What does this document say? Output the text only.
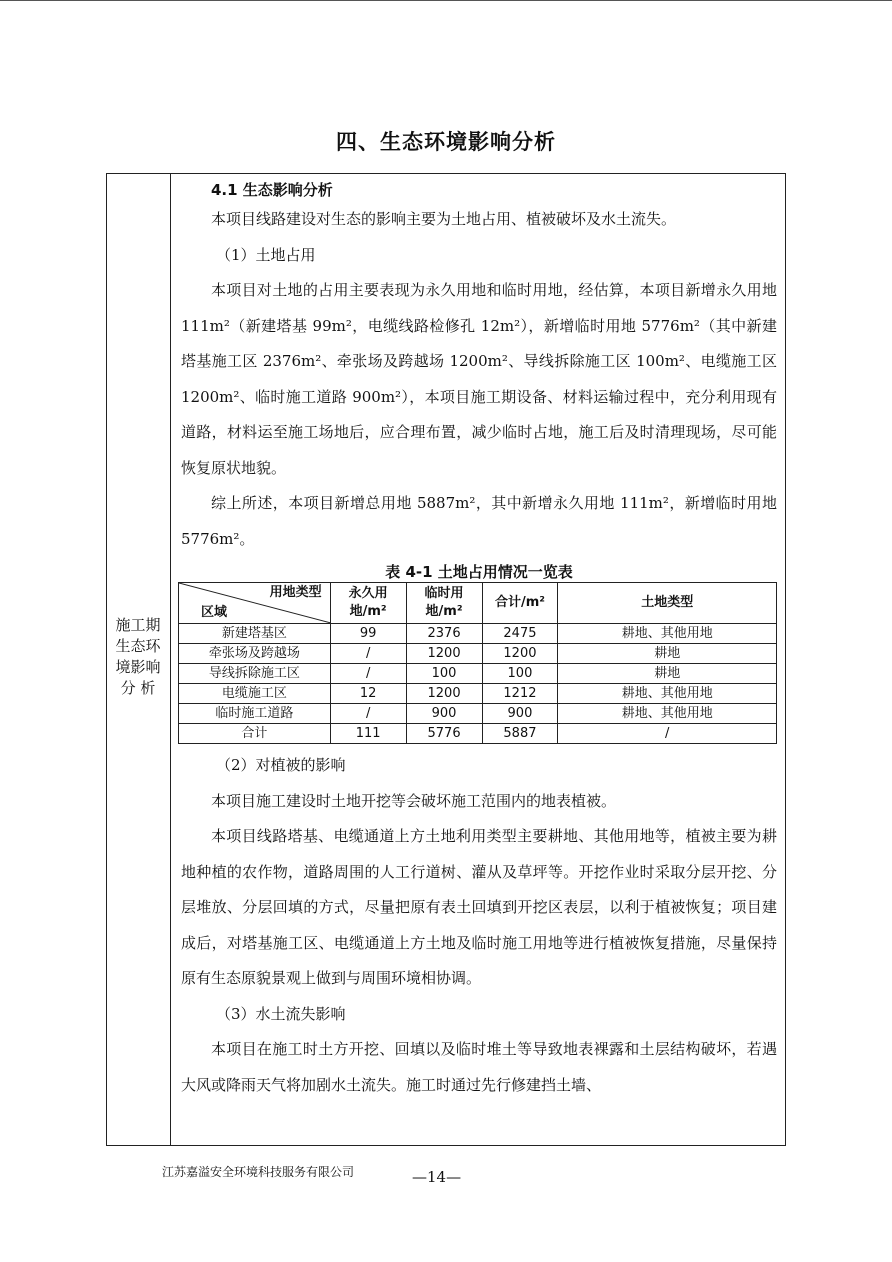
四、生态环境影响分析
施工期
生态环
境影响
分 析
4.1 生态影响分析

本项目线路建设对生态的影响主要为土地占用、植被破坏及水土流失。

（1）土地占用

本项目对土地的占用主要表现为永久用地和临时用地，经估算，本项目新增永久用地 111m²（新建塔基 99m²，电缆线路检修孔 12m²），新增临时用地 5776m²（其中新建塔基施工区 2376m²、牵张场及跨越场 1200m²、导线拆除施工区 100m²、电缆施工区 1200m²、临时施工道路 900m²），本项目施工期设备、材料运输过程中，充分利用现有道路，材料运至施工场地后，应合理布置，减少临时占地，施工后及时清理现场，尽可能恢复原状地貌。

综上所述，本项目新增总用地 5887m²，其中新增永久用地 111m²，新增临时用地 5776m²。

表 4-1 土地占用情况一览表
用地类型
区域	永久用地/m²	临时用地/m²	合计/m²	土地类型
新建塔基区	99	2376	2475	耕地、其他用地
牵张场及跨越场	/	1200	1200	耕地
导线拆除施工区	/	100	100	耕地
电缆施工区	12	1200	1212	耕地、其他用地
临时施工道路	/	900	900	耕地、其他用地
合计	111	5776	5887	/

（2）对植被的影响

本项目施工建设时土地开挖等会破坏施工范围内的地表植被。

本项目线路塔基、电缆通道上方土地利用类型主要耕地、其他用地等，植被主要为耕地种植的农作物，道路周围的人工行道树、灌从及草坪等。开挖作业时采取分层开挖、分层堆放、分层回填的方式，尽量把原有表土回填到开挖区表层，以利于植被恢复；项目建成后，对塔基施工区、电缆通道上方土地及临时施工用地等进行植被恢复措施，尽量保持原有生态原貌景观上做到与周围环境相协调。

（3）水土流失影响

本项目在施工时土方开挖、回填以及临时堆土等导致地表裸露和土层结构破坏，若遇大风或降雨天气将加剧水土流失。施工时通过先行修建挡土墙、

江苏嘉溢安全环境科技服务有限公司	—14—
